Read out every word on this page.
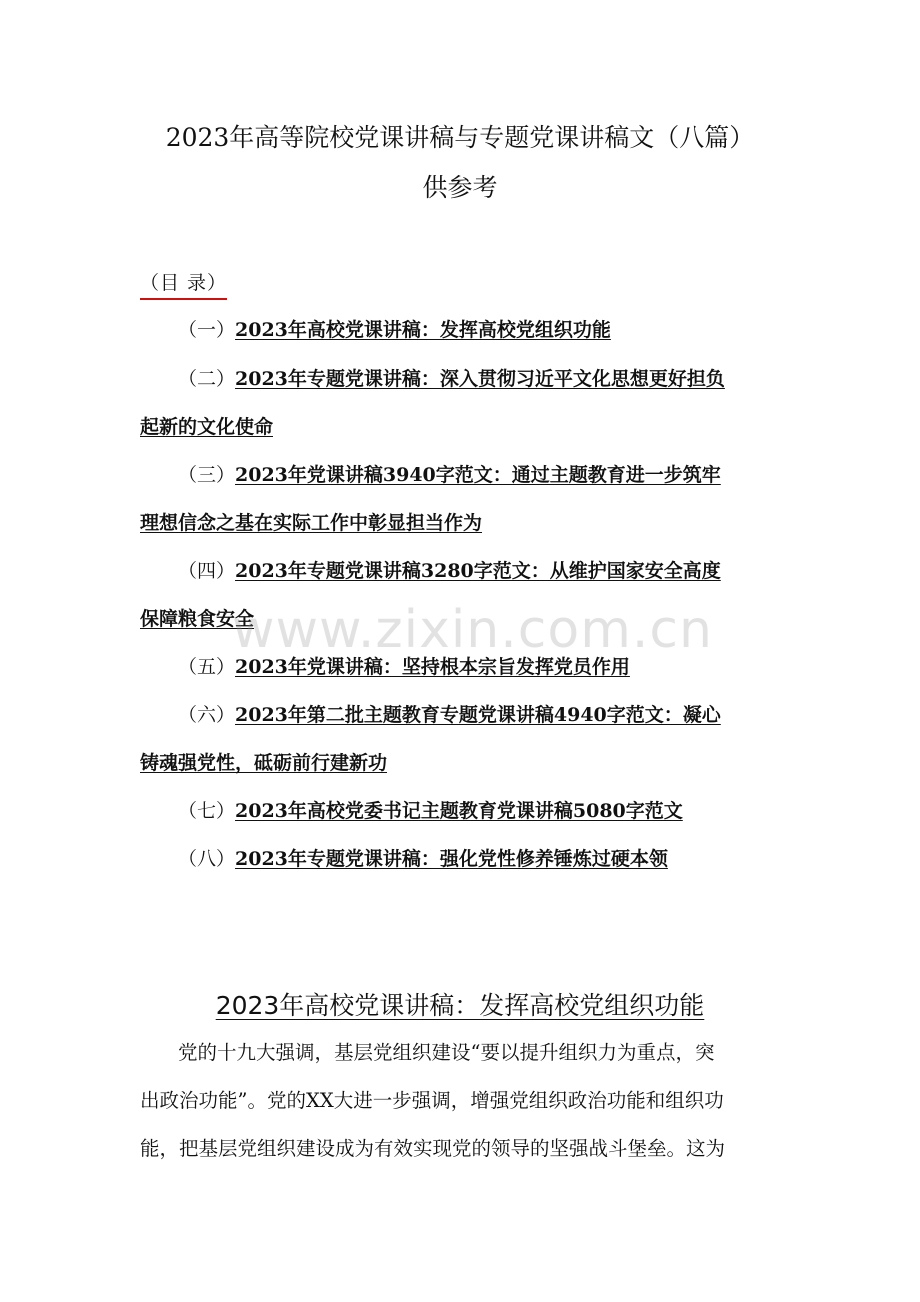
2023年高等院校党课讲稿与专题党课讲稿文（八篇）
供参考
（目 录）
（一）2023年高校党课讲稿：发挥高校党组织功能
（二）2023年专题党课讲稿：深入贯彻习近平文化思想更好担负
起新的文化使命
（三）2023年党课讲稿3940字范文：通过主题教育进一步筑牢
理想信念之基在实际工作中彰显担当作为
（四）2023年专题党课讲稿3280字范文：从维护国家安全高度
保障粮食安全
（五）2023年党课讲稿：坚持根本宗旨发挥党员作用
（六）2023年第二批主题教育专题党课讲稿4940字范文：凝心
铸魂强党性，砥砺前行建新功
（七）2023年高校党委书记主题教育党课讲稿5080字范文
（八）2023年专题党课讲稿：强化党性修养锤炼过硬本领
2023年高校党课讲稿：发挥高校党组织功能
党的十九大强调，基层党组织建设“要以提升组织力为重点，突
出政治功能”。党的XX大进一步强调，增强党组织政治功能和组织功
能，把基层党组织建设成为有效实现党的领导的坚强战斗堡垒。这为
www.zixin.com.cn
